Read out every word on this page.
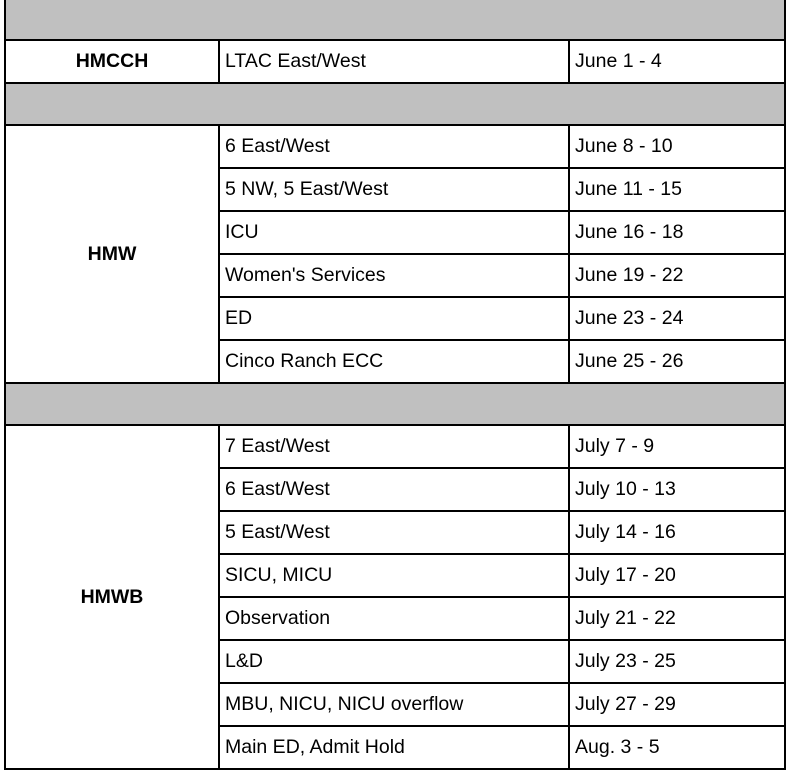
HMCCH	LTAC East/West	June 1 - 4

HMW	6 East/West	June 8 - 10
	5 NW, 5 East/West	June 11 - 15
	ICU	June 16 - 18
	Women's Services	June 19 - 22
	ED	June 23 - 24
	Cinco Ranch ECC	June 25 - 26

HMWB	7 East/West	July 7 - 9
	6 East/West	July 10 - 13
	5 East/West	July 14 - 16
	SICU, MICU	July 17 - 20
	Observation	July 21 - 22
	L&D	July 23 - 25
	MBU, NICU, NICU overflow	July 27 - 29
	Main ED, Admit Hold	Aug. 3 - 5
